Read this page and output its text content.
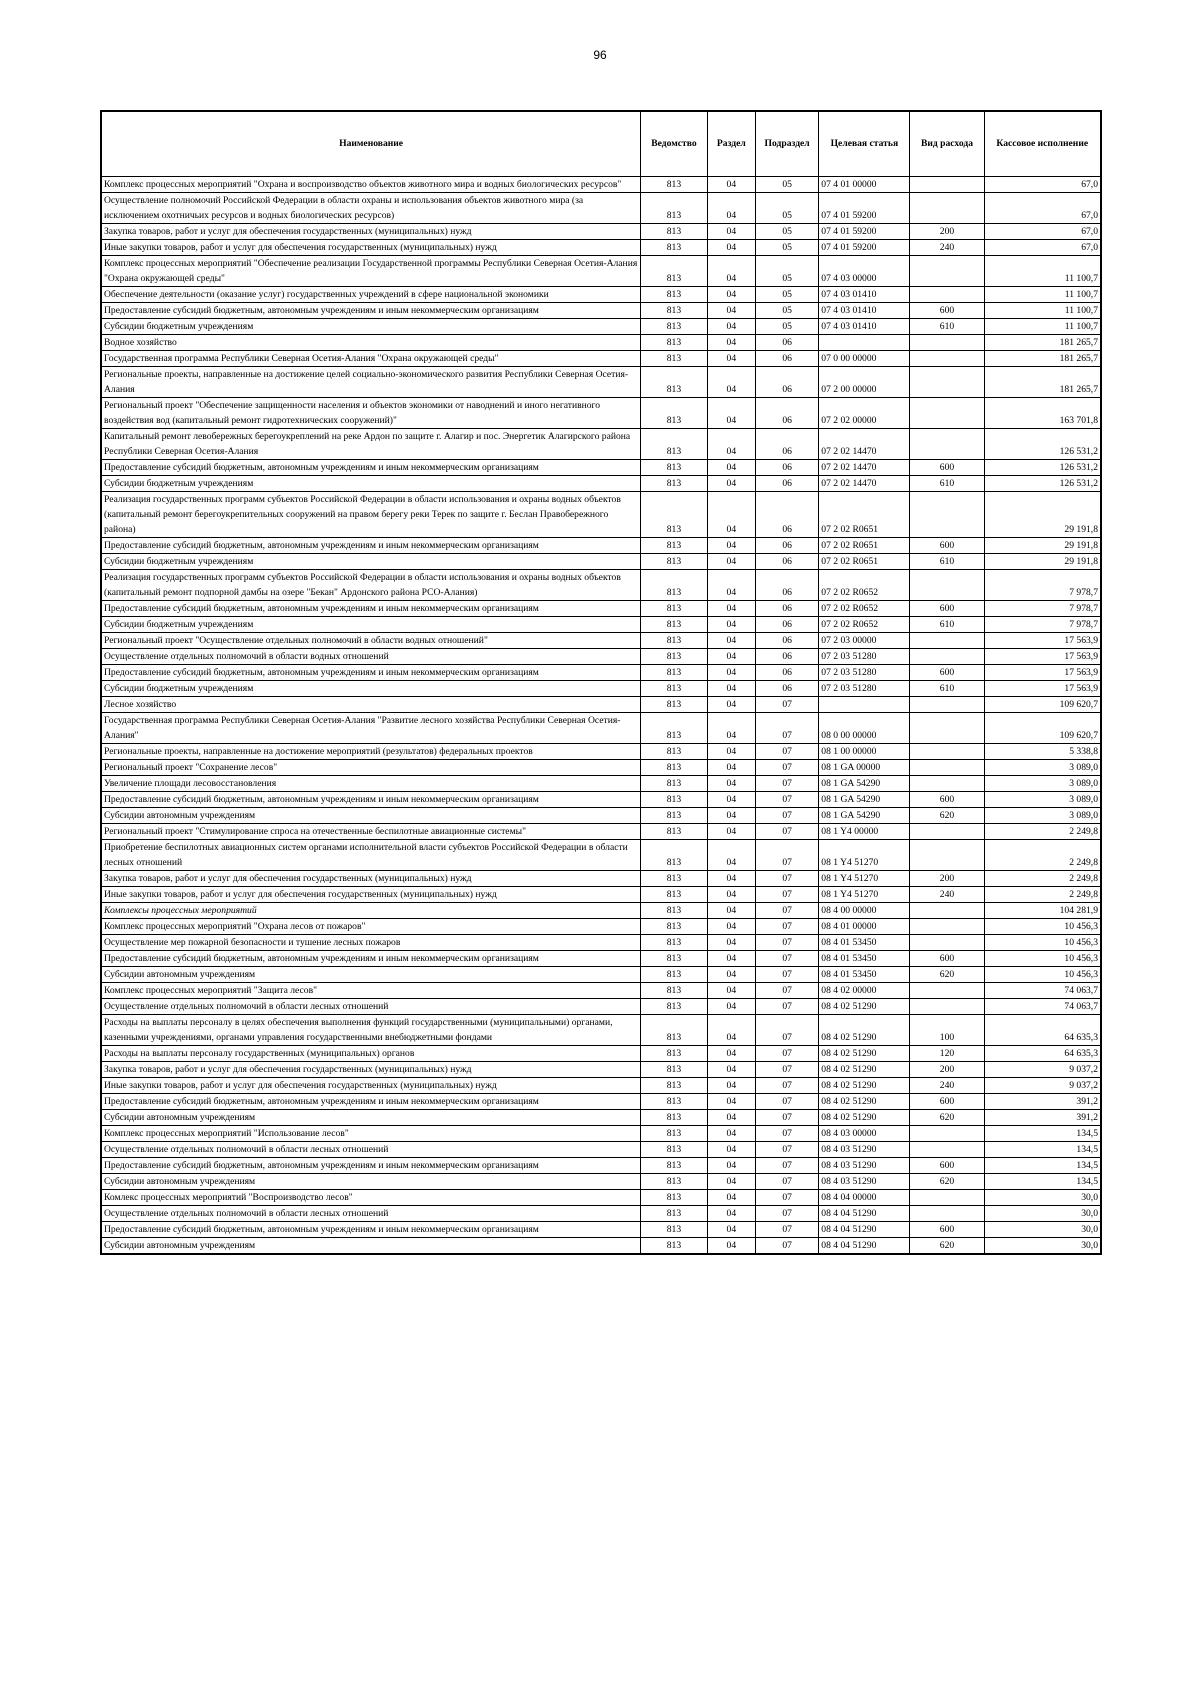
96
Наименование	Ведомство	Раздел	Подраздел	Целевая статья	Вид расхода	Кассовое исполнение
Комплекс процессных мероприятий "Охрана и воспроизводство объектов животного мира и водных биологических ресурсов"	813	04	05	07 4 01 00000		67,0
Осуществление полномочий Российской Федерации в области охраны и использования объектов животного мира (за исключением охотничьих ресурсов и водных биологических ресурсов)	813	04	05	07 4 01 59200		67,0
Закупка товаров, работ и услуг для обеспечения государственных (муниципальных) нужд	813	04	05	07 4 01 59200	200	67,0
Иные закупки товаров, работ и услуг для обеспечения государственных (муниципальных) нужд	813	04	05	07 4 01 59200	240	67,0
Комплекс процессных мероприятий "Обеспечение реализации Государственной программы Республики Северная Осетия-Алания "Охрана окружающей среды"	813	04	05	07 4 03 00000		11 100,7
Обеспечение деятельности (оказание услуг) государственных учреждений в сфере национальной экономики	813	04	05	07 4 03 01410		11 100,7
Предоставление субсидий бюджетным, автономным учреждениям и иным некоммерческим организациям	813	04	05	07 4 03 01410	600	11 100,7
Субсидии бюджетным учреждениям	813	04	05	07 4 03 01410	610	11 100,7
Водное хозяйство	813	04	06			181 265,7
Государственная программа Республики Северная Осетия-Алания "Охрана окружающей среды"	813	04	06	07 0 00 00000		181 265,7
Региональные проекты, направленные на достижение целей социально-экономического развития Республики Северная Осетия-Алания	813	04	06	07 2 00 00000		181 265,7
Региональный проект "Обеспечение защищенности населения и объектов экономики от наводнений и иного негативного воздействия вод (капитальный ремонт гидротехнических сооружений)"	813	04	06	07 2 02 00000		163 701,8
Капитальный ремонт левобережных берегоукреплений на реке Ардон по защите г. Алагир и пос. Энергетик Алагирского района Республики Северная Осетия-Алания	813	04	06	07 2 02 14470		126 531,2
Предоставление субсидий бюджетным, автономным учреждениям и иным некоммерческим организациям	813	04	06	07 2 02 14470	600	126 531,2
Субсидии бюджетным учреждениям	813	04	06	07 2 02 14470	610	126 531,2
Реализация государственных программ субъектов Российской Федерации в области использования и охраны водных объектов (капитальный ремонт берегоукрепительных сооружений на правом берегу реки Терек по защите г. Беслан Правобережного района)	813	04	06	07 2 02 R0651		29 191,8
Предоставление субсидий бюджетным, автономным учреждениям и иным некоммерческим организациям	813	04	06	07 2 02 R0651	600	29 191,8
Субсидии бюджетным учреждениям	813	04	06	07 2 02 R0651	610	29 191,8
Реализация государственных программ субъектов Российской Федерации в области использования и охраны водных объектов (капитальный ремонт подпорной дамбы на озере "Бекан" Ардонского района РСО-Алания)	813	04	06	07 2 02 R0652		7 978,7
Предоставление субсидий бюджетным, автономным учреждениям и иным некоммерческим организациям	813	04	06	07 2 02 R0652	600	7 978,7
Субсидии бюджетным учреждениям	813	04	06	07 2 02 R0652	610	7 978,7
Региональный проект "Осуществление отдельных полномочий в области водных отношений"	813	04	06	07 2 03 00000		17 563,9
Осуществление отдельных полномочий в области водных отношений	813	04	06	07 2 03 51280		17 563,9
Предоставление субсидий бюджетным, автономным учреждениям и иным некоммерческим организациям	813	04	06	07 2 03 51280	600	17 563,9
Субсидии бюджетным учреждениям	813	04	06	07 2 03 51280	610	17 563,9
Лесное хозяйство	813	04	07			109 620,7
Государственная программа Республики Северная Осетия-Алания "Развитие лесного хозяйства Республики Северная Осетия-Алания"	813	04	07	08 0 00 00000		109 620,7
Региональные проекты, направленные на достижение мероприятий (результатов) федеральных проектов	813	04	07	08 1 00 00000		5 338,8
Региональный проект "Сохранение лесов"	813	04	07	08 1 GA 00000		3 089,0
Увеличение площади лесовосстановления	813	04	07	08 1 GA 54290		3 089,0
Предоставление субсидий бюджетным, автономным учреждениям и иным некоммерческим организациям	813	04	07	08 1 GA 54290	600	3 089,0
Субсидии автономным учреждениям	813	04	07	08 1 GA 54290	620	3 089,0
Региональный проект "Стимулирование спроса на отечественные беспилотные авиационные системы"	813	04	07	08 1 Y4 00000		2 249,8
Приобретение беспилотных авиационных систем органами исполнительной власти субъектов Российской Федерации в области лесных отношений	813	04	07	08 1 Y4 51270		2 249,8
Закупка товаров, работ и услуг для обеспечения государственных (муниципальных) нужд	813	04	07	08 1 Y4 51270	200	2 249,8
Иные закупки товаров, работ и услуг для обеспечения государственных (муниципальных) нужд	813	04	07	08 1 Y4 51270	240	2 249,8
Комплексы процессных мероприятий	813	04	07	08 4 00 00000		104 281,9
Комплекс процессных мероприятий "Охрана лесов от пожаров"	813	04	07	08 4 01 00000		10 456,3
Осуществление мер пожарной безопасности и тушение лесных пожаров	813	04	07	08 4 01 53450		10 456,3
Предоставление субсидий бюджетным, автономным учреждениям и иным некоммерческим организациям	813	04	07	08 4 01 53450	600	10 456,3
Субсидии автономным учреждениям	813	04	07	08 4 01 53450	620	10 456,3
Комплекс процессных мероприятий "Защита лесов"	813	04	07	08 4 02 00000		74 063,7
Осуществление отдельных полномочий в области лесных отношений	813	04	07	08 4 02 51290		74 063,7
Расходы на выплаты персоналу в целях обеспечения выполнения функций государственными (муниципальными) органами, казенными учреждениями, органами управления государственными внебюджетными фондами	813	04	07	08 4 02 51290	100	64 635,3
Расходы на выплаты персоналу государственных (муниципальных) органов	813	04	07	08 4 02 51290	120	64 635,3
Закупка товаров, работ и услуг для обеспечения государственных (муниципальных) нужд	813	04	07	08 4 02 51290	200	9 037,2
Иные закупки товаров, работ и услуг для обеспечения государственных (муниципальных) нужд	813	04	07	08 4 02 51290	240	9 037,2
Предоставление субсидий бюджетным, автономным учреждениям и иным некоммерческим организациям	813	04	07	08 4 02 51290	600	391,2
Субсидии автономным учреждениям	813	04	07	08 4 02 51290	620	391,2
Комплекс процессных мероприятий "Использование лесов"	813	04	07	08 4 03 00000		134,5
Осуществление отдельных полномочий в области лесных отношений	813	04	07	08 4 03 51290		134,5
Предоставление субсидий бюджетным, автономным учреждениям и иным некоммерческим организациям	813	04	07	08 4 03 51290	600	134,5
Субсидии автономным учреждениям	813	04	07	08 4 03 51290	620	134,5
Комлекс процессных мероприятий "Воспроизводство лесов"	813	04	07	08 4 04 00000		30,0
Осуществление отдельных полномочий в области лесных отношений	813	04	07	08 4 04 51290		30,0
Предоставление субсидий бюджетным, автономным учреждениям и иным некоммерческим организациям	813	04	07	08 4 04 51290	600	30,0
Субсидии автономным учреждениям	813	04	07	08 4 04 51290	620	30,0
